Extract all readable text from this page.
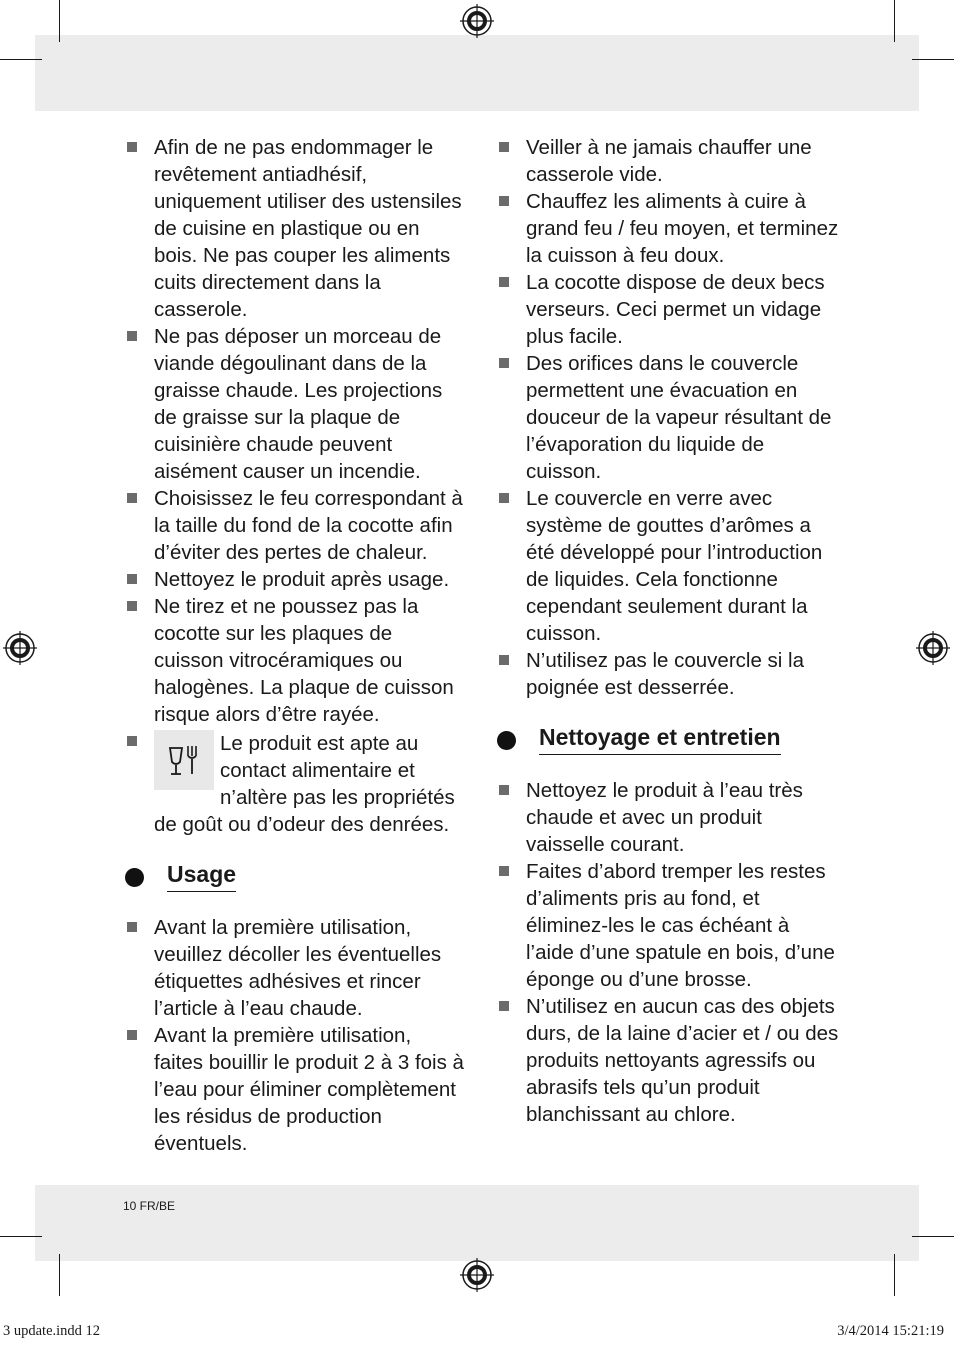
Afin de ne pas endommager le revêtement antiadhésif, uniquement utiliser des ustensiles de cuisine en plastique ou en bois. Ne pas couper les aliments cuits directement dans la casserole.
Ne pas déposer un morceau de viande dégoulinant dans de la graisse chaude. Les projections de graisse sur la plaque de cuisinière chaude peuvent aisément causer un incendie.
Choisissez le feu correspondant à la taille du fond de la cocotte afin d’éviter des pertes de chaleur.
Nettoyez le produit après usage.
Ne tirez et ne poussez pas la cocotte sur les plaques de cuisson vitrocéramiques ou halogènes. La plaque de cuisson risque alors d’être rayée.
Le produit est apte au contact alimentaire et n’altère pas les propriétés de goût ou d’odeur des denrées.
Usage
Avant la première utilisation, veuillez décoller les éventuelles étiquettes adhésives et rincer l’article à l’eau chaude.
Avant la première utilisation, faites bouillir le produit 2 à 3 fois à l’eau pour éliminer complètement les résidus de production éventuels.
Veiller à ne jamais chauffer une casserole vide.
Chauffez les aliments à cuire à grand feu / feu moyen, et terminez la cuisson à feu doux.
La cocotte dispose de deux becs verseurs. Ceci permet un vidage plus facile.
Des orifices dans le couvercle permettent une évacuation en douceur de la vapeur résultant de l’évaporation du liquide de cuisson.
Le couvercle en verre avec système de gouttes d’arômes a été développé pour l’introduction de liquides. Cela fonctionne cependant seulement durant la cuisson.
N’utilisez pas le couvercle si la poignée est desserrée.
Nettoyage et entretien
Nettoyez le produit à l’eau très chaude et avec un produit vaisselle courant.
Faites d’abord tremper les restes d’aliments pris au fond, et éliminez-les le cas échéant à l’aide d’une spatule en bois, d’une éponge ou d’une brosse.
N’utilisez en aucun cas des objets durs, de la laine d’acier et / ou des produits nettoyants agressifs ou abrasifs tels qu’un produit blanchissant au chlore.
10 FR/BE
3 update.indd 12	3/4/2014 15:21:19
